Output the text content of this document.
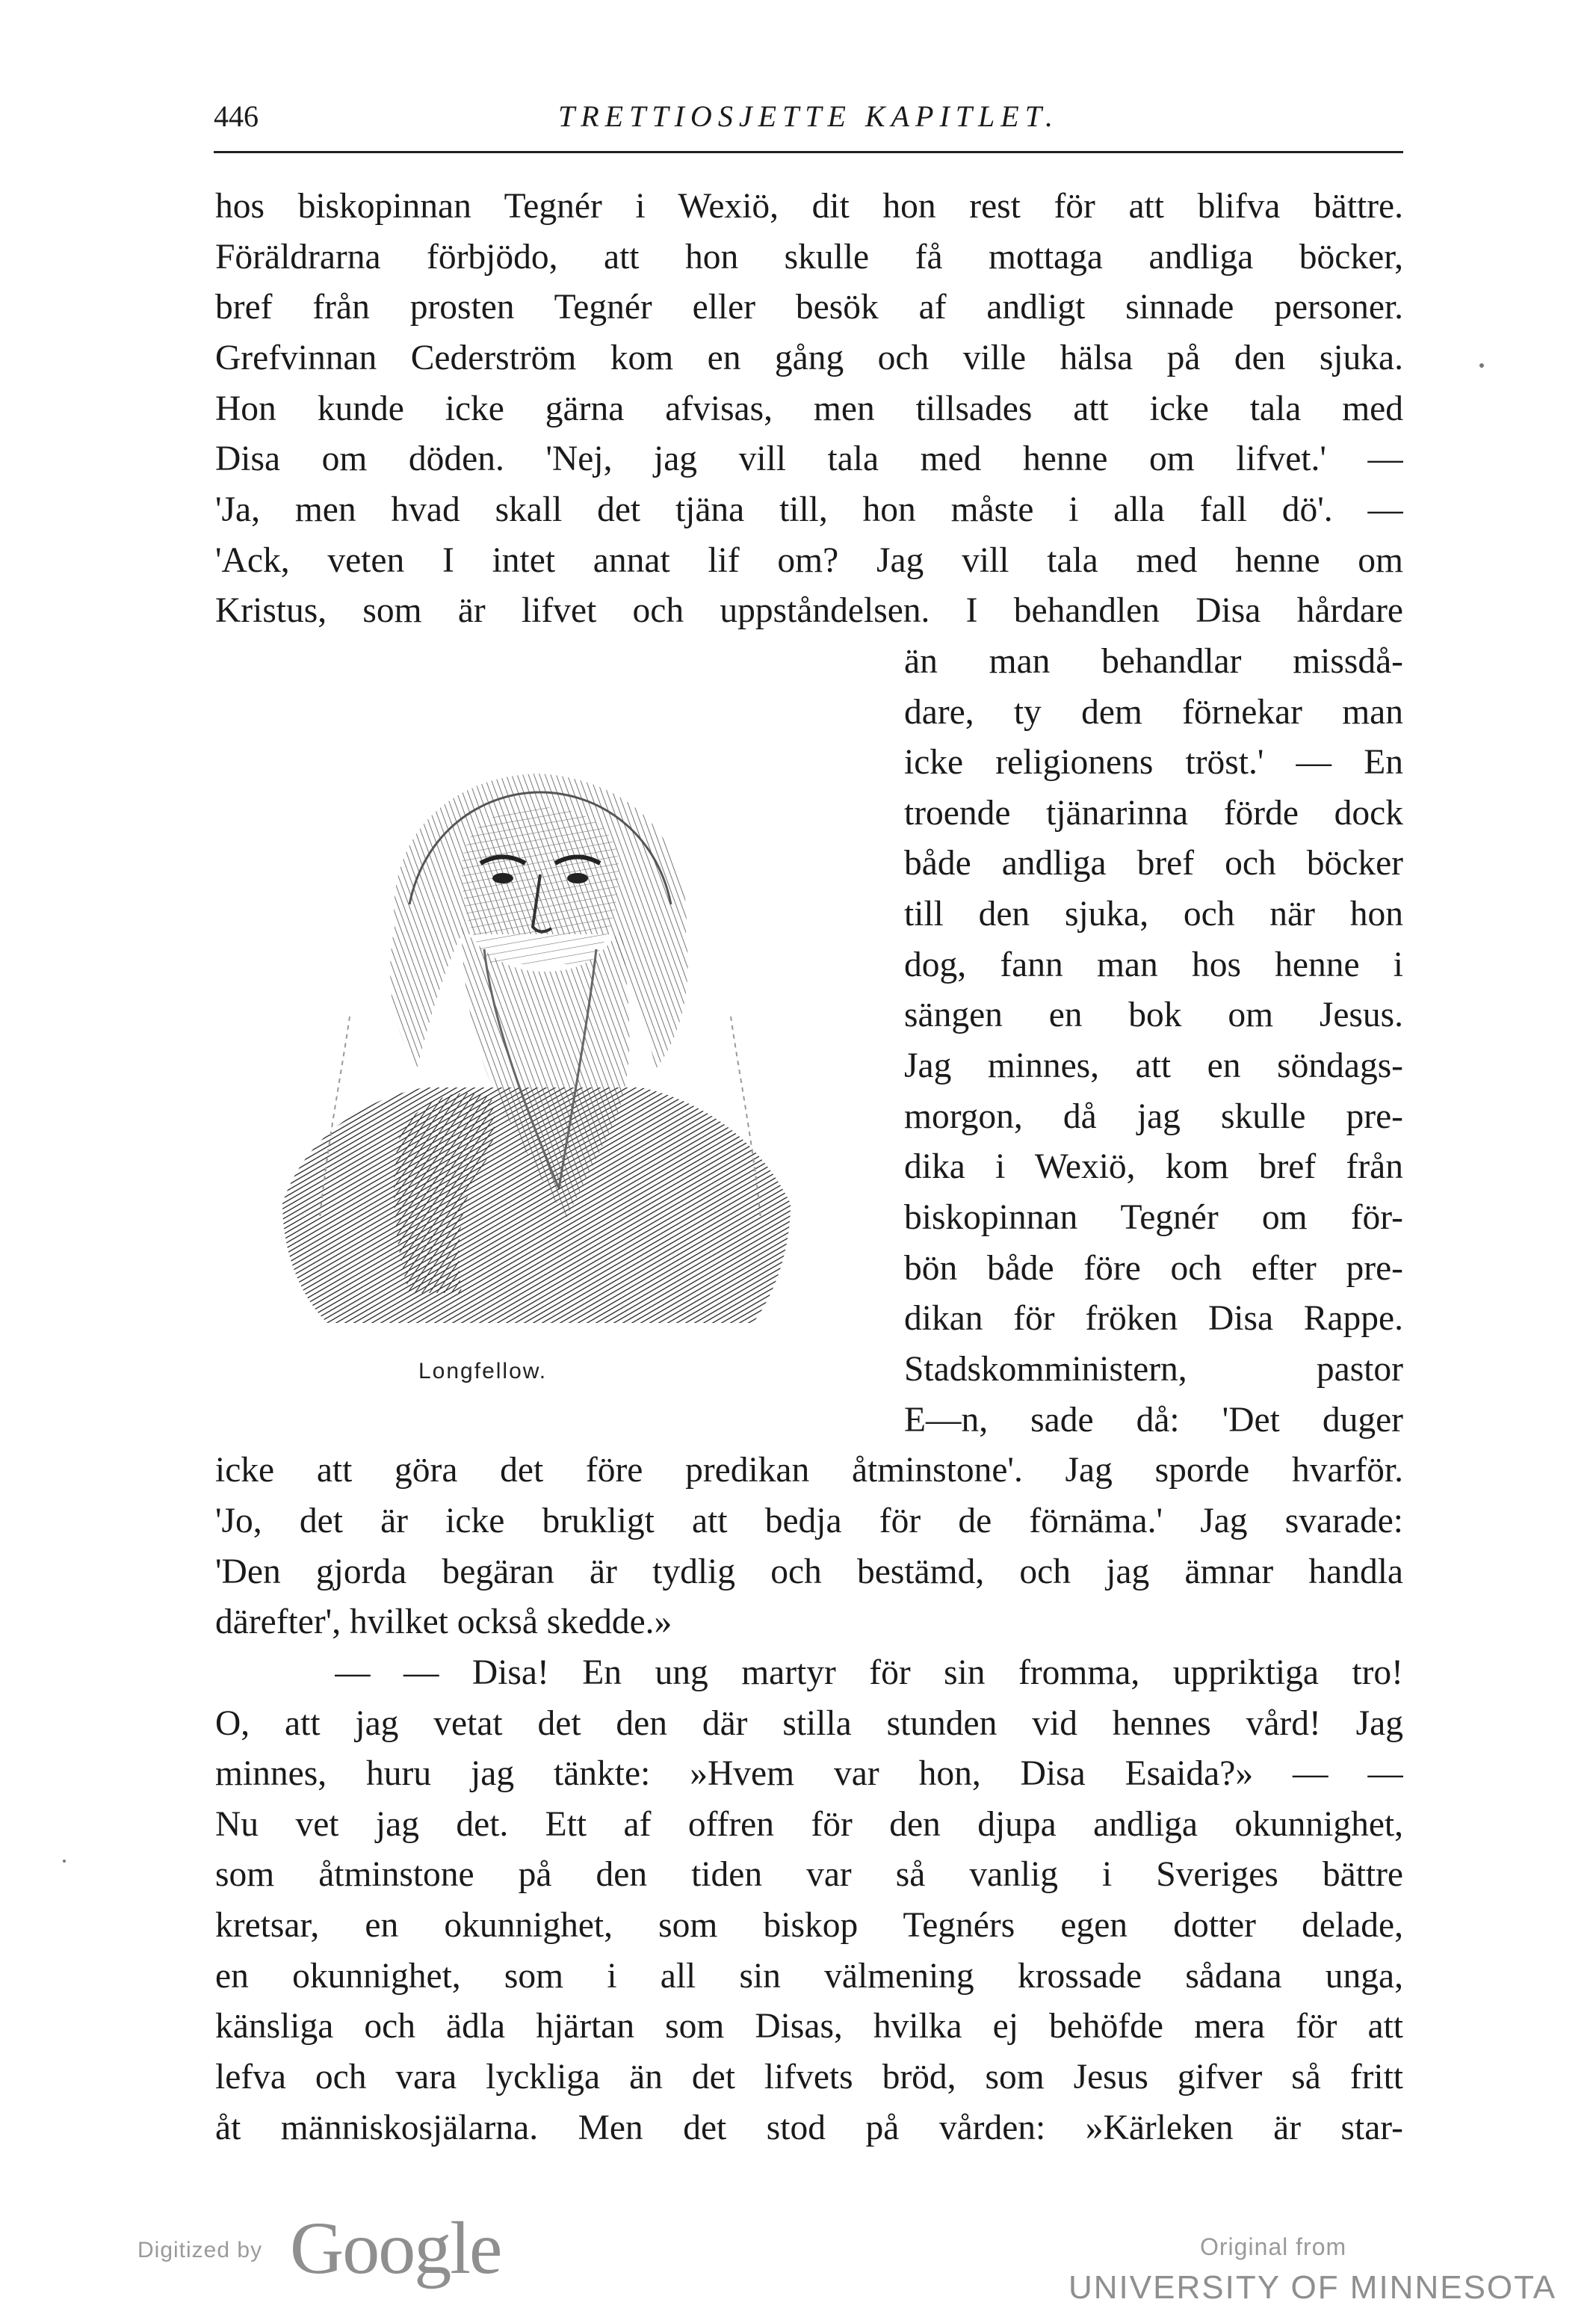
446	TRETTIOSJETTE KAPITLET.
hos biskopinnan Tegnér i Wexiö, dit hon rest för att blifva bättre.
Föräldrarna förbjödo, att hon skulle få mottaga andliga böcker,
bref från prosten Tegnér eller besök af andligt sinnade personer.
Grefvinnan Cederström kom en gång och ville hälsa på den sjuka.
Hon kunde icke gärna afvisas, men tillsades att icke tala med
Disa om döden. 'Nej, jag vill tala med henne om lifvet.' —
'Ja, men hvad skall det tjäna till, hon måste i alla fall dö'. —
'Ack, veten I intet annat lif om? Jag vill tala med henne om
Kristus, som är lifvet och uppståndelsen. I behandlen Disa hårdare
än man behandlar missdå-
dare, ty dem förnekar man
icke religionens tröst.' — En
troende tjänarinna förde dock
både andliga bref och böcker
till den sjuka, och när hon
dog, fann man hos henne i
sängen en bok om Jesus.
Jag minnes, att en söndags-
morgon, då jag skulle pre-
dika i Wexiö, kom bref från
biskopinnan Tegnér om för-
bön både före och efter pre-
dikan för fröken Disa Rappe.
Stadskomministern, pastor
E—n, sade då: 'Det duger
Longfellow.
icke att göra det före predikan åtminstone'. Jag sporde hvarför.
'Jo, det är icke brukligt att bedja för de förnäma.' Jag svarade:
'Den gjorda begäran är tydlig och bestämd, och jag ämnar handla
därefter', hvilket också skedde.»
— — Disa! En ung martyr för sin fromma, uppriktiga tro!
O, att jag vetat det den där stilla stunden vid hennes vård! Jag
minnes, huru jag tänkte: »Hvem var hon, Disa Esaida?» — —
Nu vet jag det. Ett af offren för den djupa andliga okunnighet,
som åtminstone på den tiden var så vanlig i Sveriges bättre
kretsar, en okunnighet, som biskop Tegnérs egen dotter delade,
en okunnighet, som i all sin välmening krossade sådana unga,
känsliga och ädla hjärtan som Disas, hvilka ej behöfde mera för att
lefva och vara lyckliga än det lifvets bröd, som Jesus gifver så fritt
åt människosjälarna. Men det stod på vården: »Kärleken är star-
Digitized by Google	Original from
UNIVERSITY OF MINNESOTA
